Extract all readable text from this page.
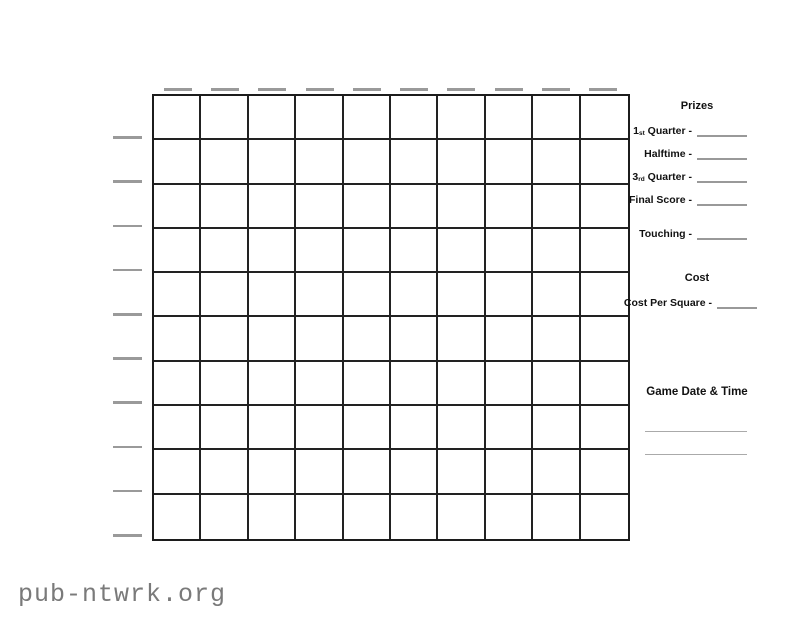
Prizes
$1_{st}$ Quarter -
Halftime -
$3_{rd}$ Quarter -
Final Score -
Touching -
Cost
Cost Per Square -
Game Date & Time
pub-ntwrk.org
